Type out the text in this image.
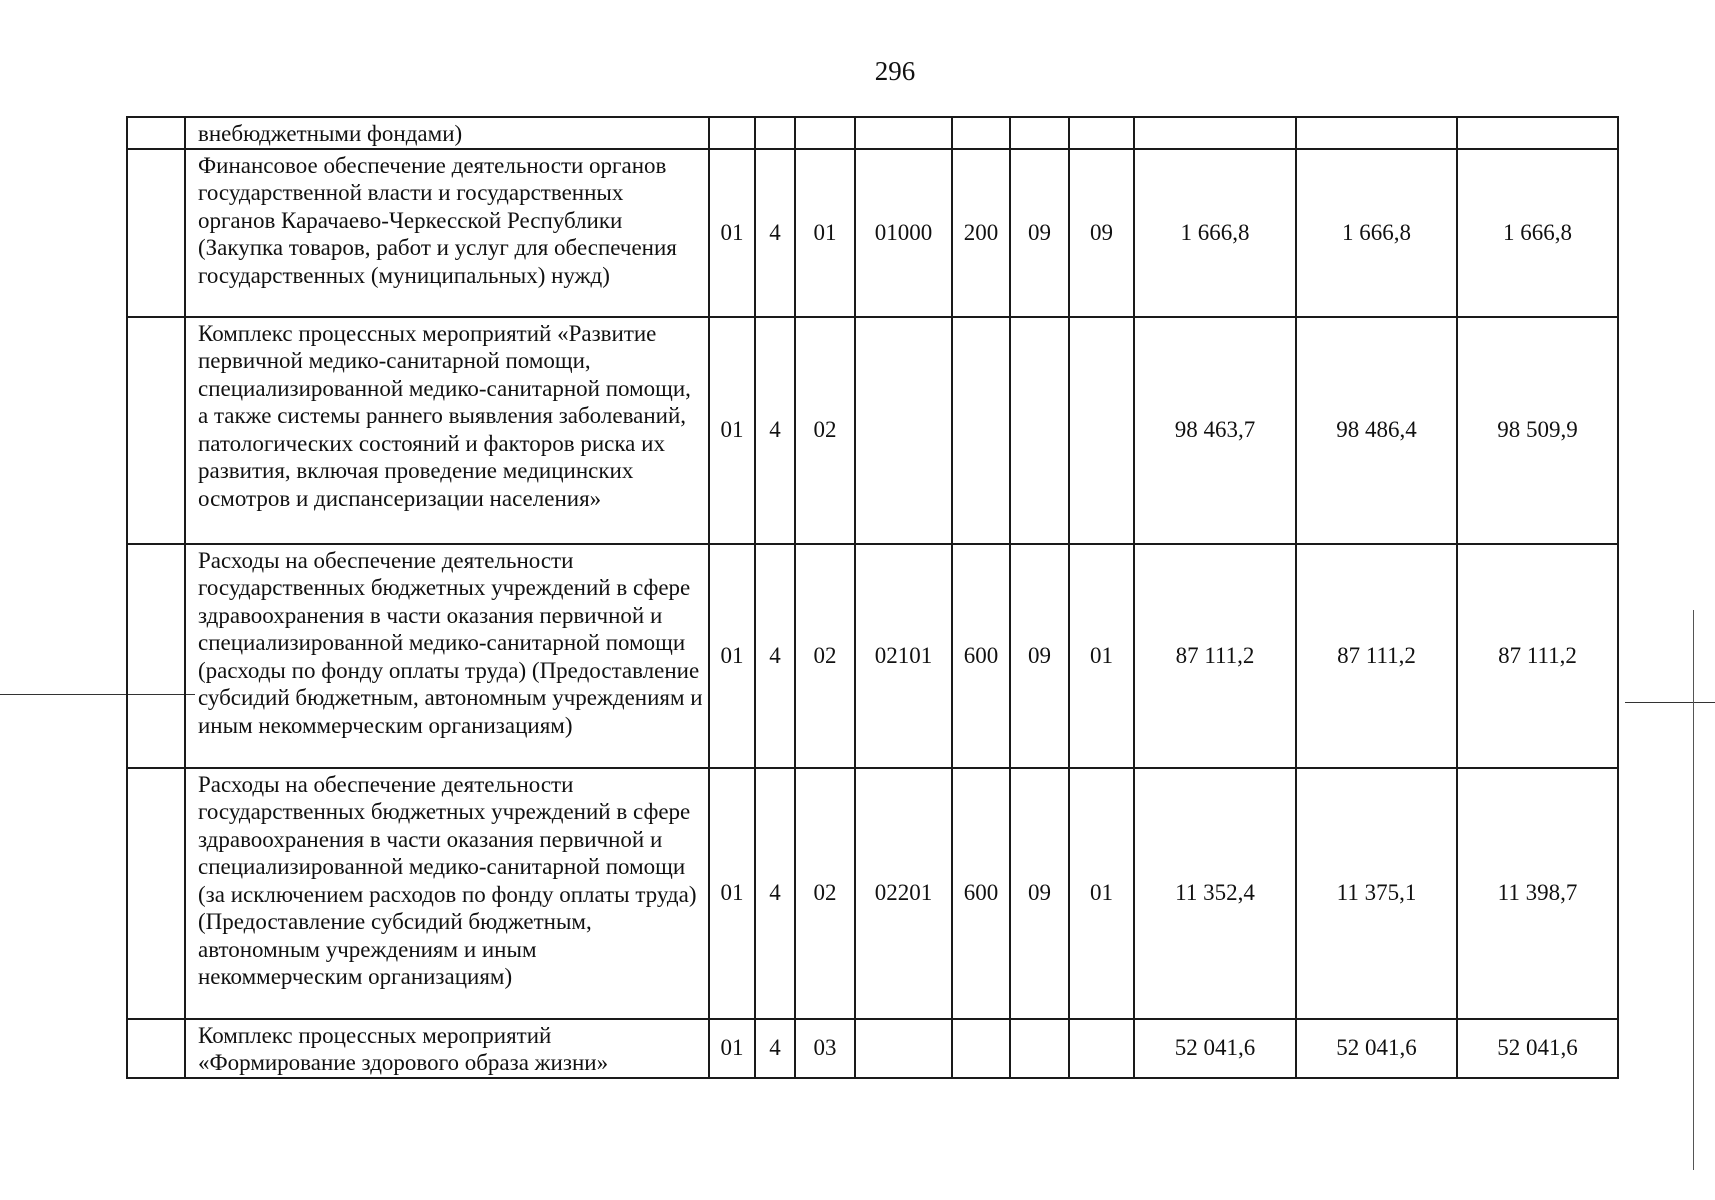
296
	внебюджетными фондами)										
	Финансовое обеспечение деятельности органов государственной власти и государственных органов Карачаево-Черкесской Республики (Закупка товаров, работ и услуг для обеспечения государственных (муниципальных) нужд)	01	4	01	01000	200	09	09	1 666,8	1 666,8	1 666,8
	Комплекс процессных мероприятий «Развитие первичной медико-санитарной помощи, специализированной медико-санитарной помощи, а также системы раннего выявления заболеваний, патологических состояний и факторов риска их развития, включая проведение медицинских осмотров и диспансеризации населения»	01	4	02					98 463,7	98 486,4	98 509,9
	Расходы на обеспечение деятельности государственных бюджетных учреждений в сфере здравоохранения в части оказания первичной и специализированной медико-санитарной помощи (расходы по фонду оплаты труда) (Предоставление субсидий бюджетным, автономным учреждениям и иным некоммерческим организациям)	01	4	02	02101	600	09	01	87 111,2	87 111,2	87 111,2
	Расходы на обеспечение деятельности государственных бюджетных учреждений в сфере здравоохранения в части оказания первичной и специализированной медико-санитарной помощи (за исключением расходов по фонду оплаты труда) (Предоставление субсидий бюджетным, автономным учреждениям и иным некоммерческим организациям)	01	4	02	02201	600	09	01	11 352,4	11 375,1	11 398,7
	Комплекс процессных мероприятий «Формирование здорового образа жизни»	01	4	03					52 041,6	52 041,6	52 041,6
